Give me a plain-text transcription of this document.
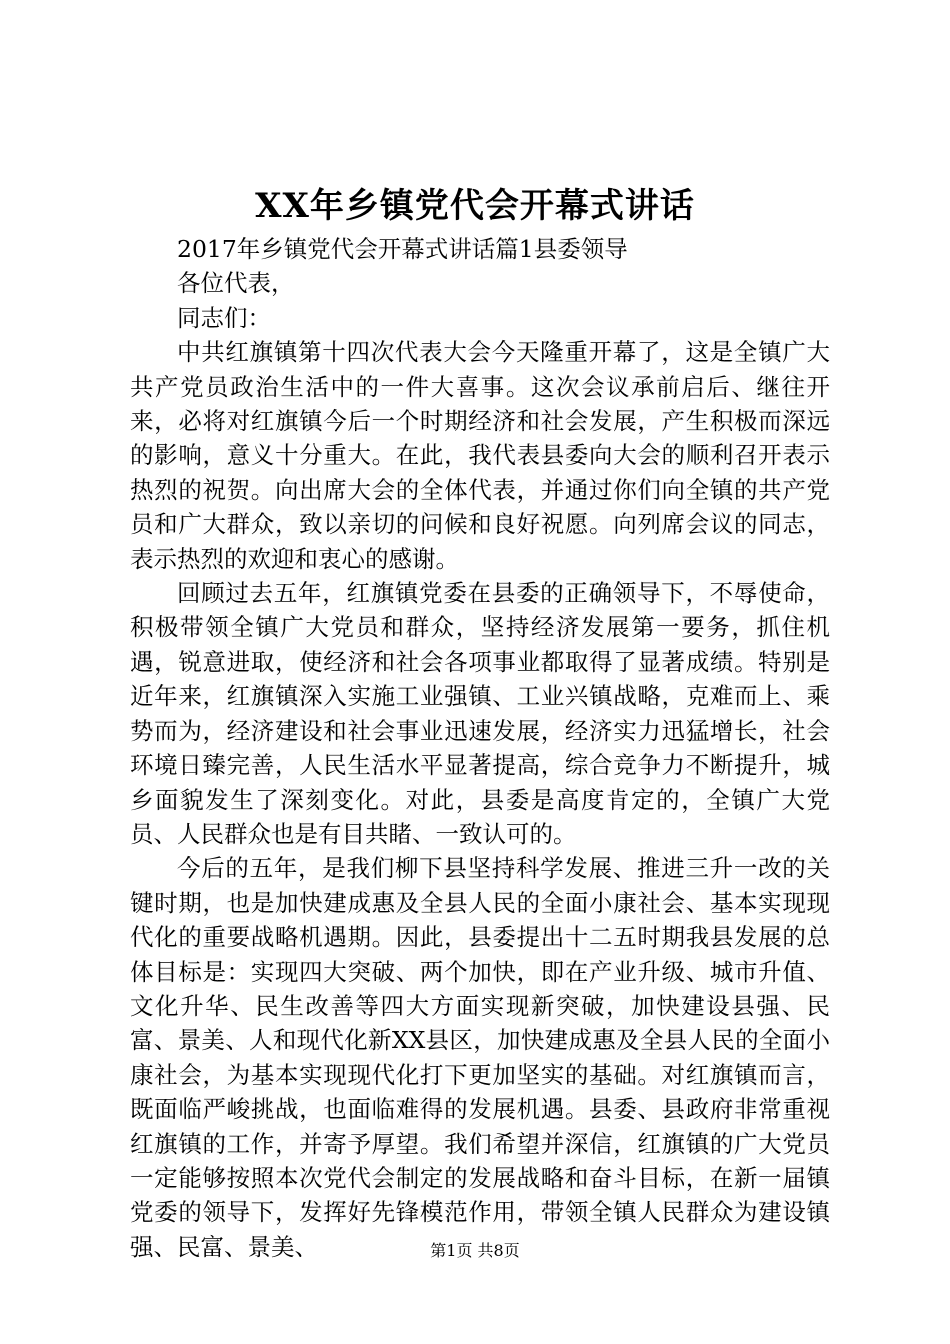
XX年乡镇党代会开幕式讲话

2017年乡镇党代会开幕式讲话篇1县委领导

各位代表，

同志们：

中共红旗镇第十四次代表大会今天隆重开幕了，这是全镇广大共产党员政治生活中的一件大喜事。这次会议承前启后、继往开来，必将对红旗镇今后一个时期经济和社会发展，产生积极而深远的影响，意义十分重大。在此，我代表县委向大会的顺利召开表示热烈的祝贺。向出席大会的全体代表，并通过你们向全镇的共产党员和广大群众，致以亲切的问候和良好祝愿。向列席会议的同志，表示热烈的欢迎和衷心的感谢。

回顾过去五年，红旗镇党委在县委的正确领导下，不辱使命，积极带领全镇广大党员和群众，坚持经济发展第一要务，抓住机遇，锐意进取，使经济和社会各项事业都取得了显著成绩。特别是近年来，红旗镇深入实施工业强镇、工业兴镇战略，克难而上、乘势而为，经济建设和社会事业迅速发展，经济实力迅猛增长，社会环境日臻完善，人民生活水平显著提高，综合竞争力不断提升，城乡面貌发生了深刻变化。对此，县委是高度肯定的，全镇广大党员、人民群众也是有目共睹、一致认可的。

今后的五年，是我们柳下县坚持科学发展、推进三升一改的关键时期，也是加快建成惠及全县人民的全面小康社会、基本实现现代化的重要战略机遇期。因此，县委提出十二五时期我县发展的总体目标是：实现四大突破、两个加快，即在产业升级、城市升值、文化升华、民生改善等四大方面实现新突破，加快建设县强、民富、景美、人和现代化新XX县区，加快建成惠及全县人民的全面小康社会，为基本实现现代化打下更加坚实的基础。对红旗镇而言，既面临严峻挑战，也面临难得的发展机遇。县委、县政府非常重视红旗镇的工作，并寄予厚望。我们希望并深信，红旗镇的广大党员一定能够按照本次党代会制定的发展战略和奋斗目标，在新一届镇党委的领导下，发挥好先锋模范作用，带领全镇人民群众为建设镇强、民富、景美、	第1页 共8页
